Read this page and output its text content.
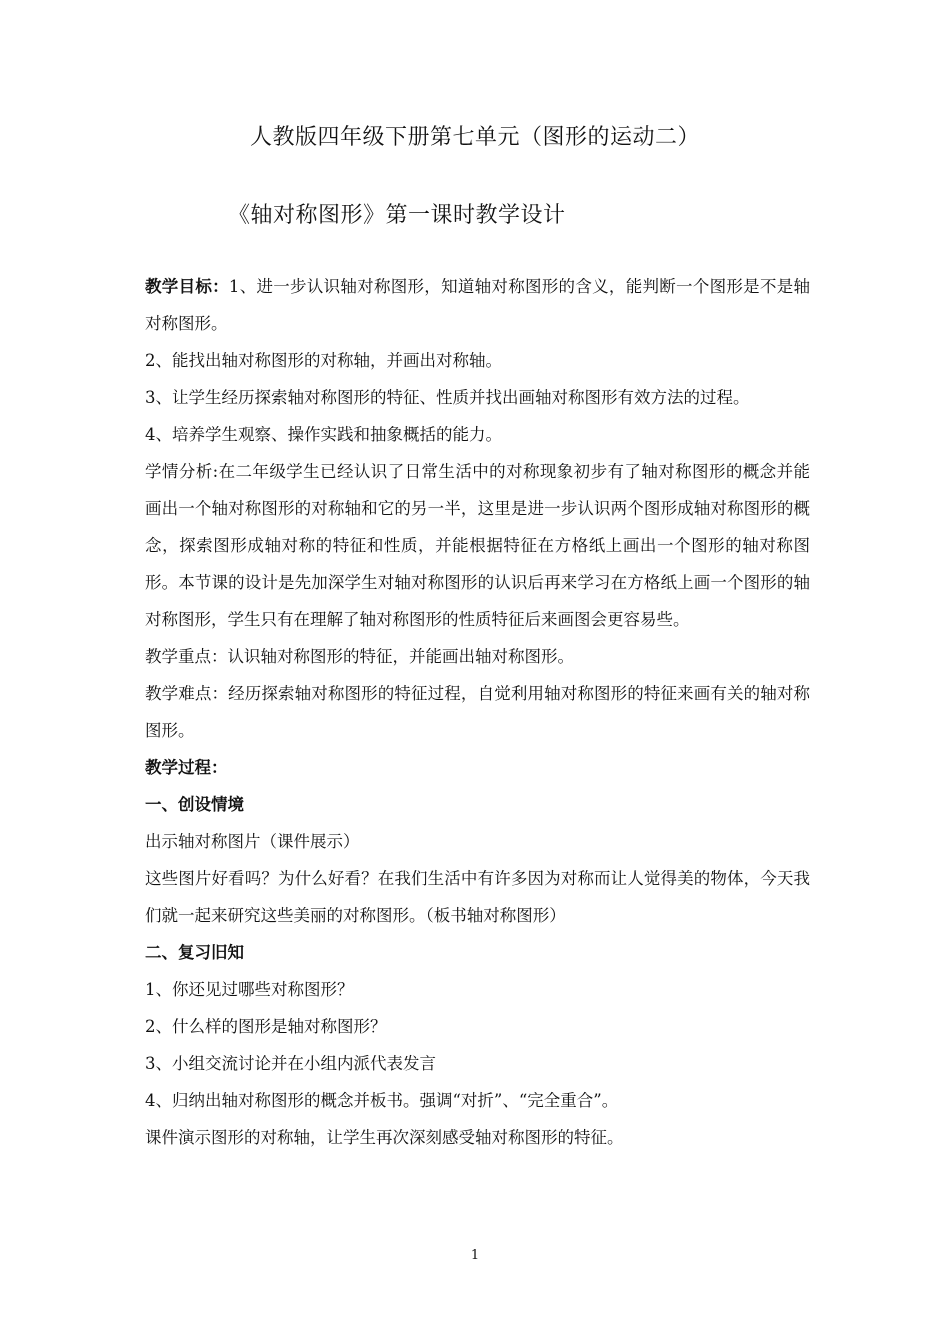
人教版四年级下册第七单元（图形的运动二）
《轴对称图形》第一课时教学设计

教学目标：1、进一步认识轴对称图形，知道轴对称图形的含义，能判断一个图形是不是轴对称图形。

2、能找出轴对称图形的对称轴，并画出对称轴。

3、让学生经历探索轴对称图形的特征、性质并找出画轴对称图形有效方法的过程。

4、培养学生观察、操作实践和抽象概括的能力。

学情分析:在二年级学生已经认识了日常生活中的对称现象初步有了轴对称图形的概念并能画出一个轴对称图形的对称轴和它的另一半，这里是进一步认识两个图形成轴对称图形的概念，探索图形成轴对称的特征和性质，并能根据特征在方格纸上画出一个图形的轴对称图形。本节课的设计是先加深学生对轴对称图形的认识后再来学习在方格纸上画一个图形的轴对称图形，学生只有在理解了轴对称图形的性质特征后来画图会更容易些。

教学重点：认识轴对称图形的特征，并能画出轴对称图形。

教学难点：经历探索轴对称图形的特征过程，自觉利用轴对称图形的特征来画有关的轴对称图形。

教学过程：

一、创设情境

出示轴对称图片（课件展示）

这些图片好看吗？为什么好看？在我们生活中有许多因为对称而让人觉得美的物体，今天我们就一起来研究这些美丽的对称图形。（板书轴对称图形）

二、复习旧知

1、你还见过哪些对称图形？

2、什么样的图形是轴对称图形？

3、小组交流讨论并在小组内派代表发言

4、归纳出轴对称图形的概念并板书。强调“对折”、“完全重合”。

课件演示图形的对称轴，让学生再次深刻感受轴对称图形的特征。

1
